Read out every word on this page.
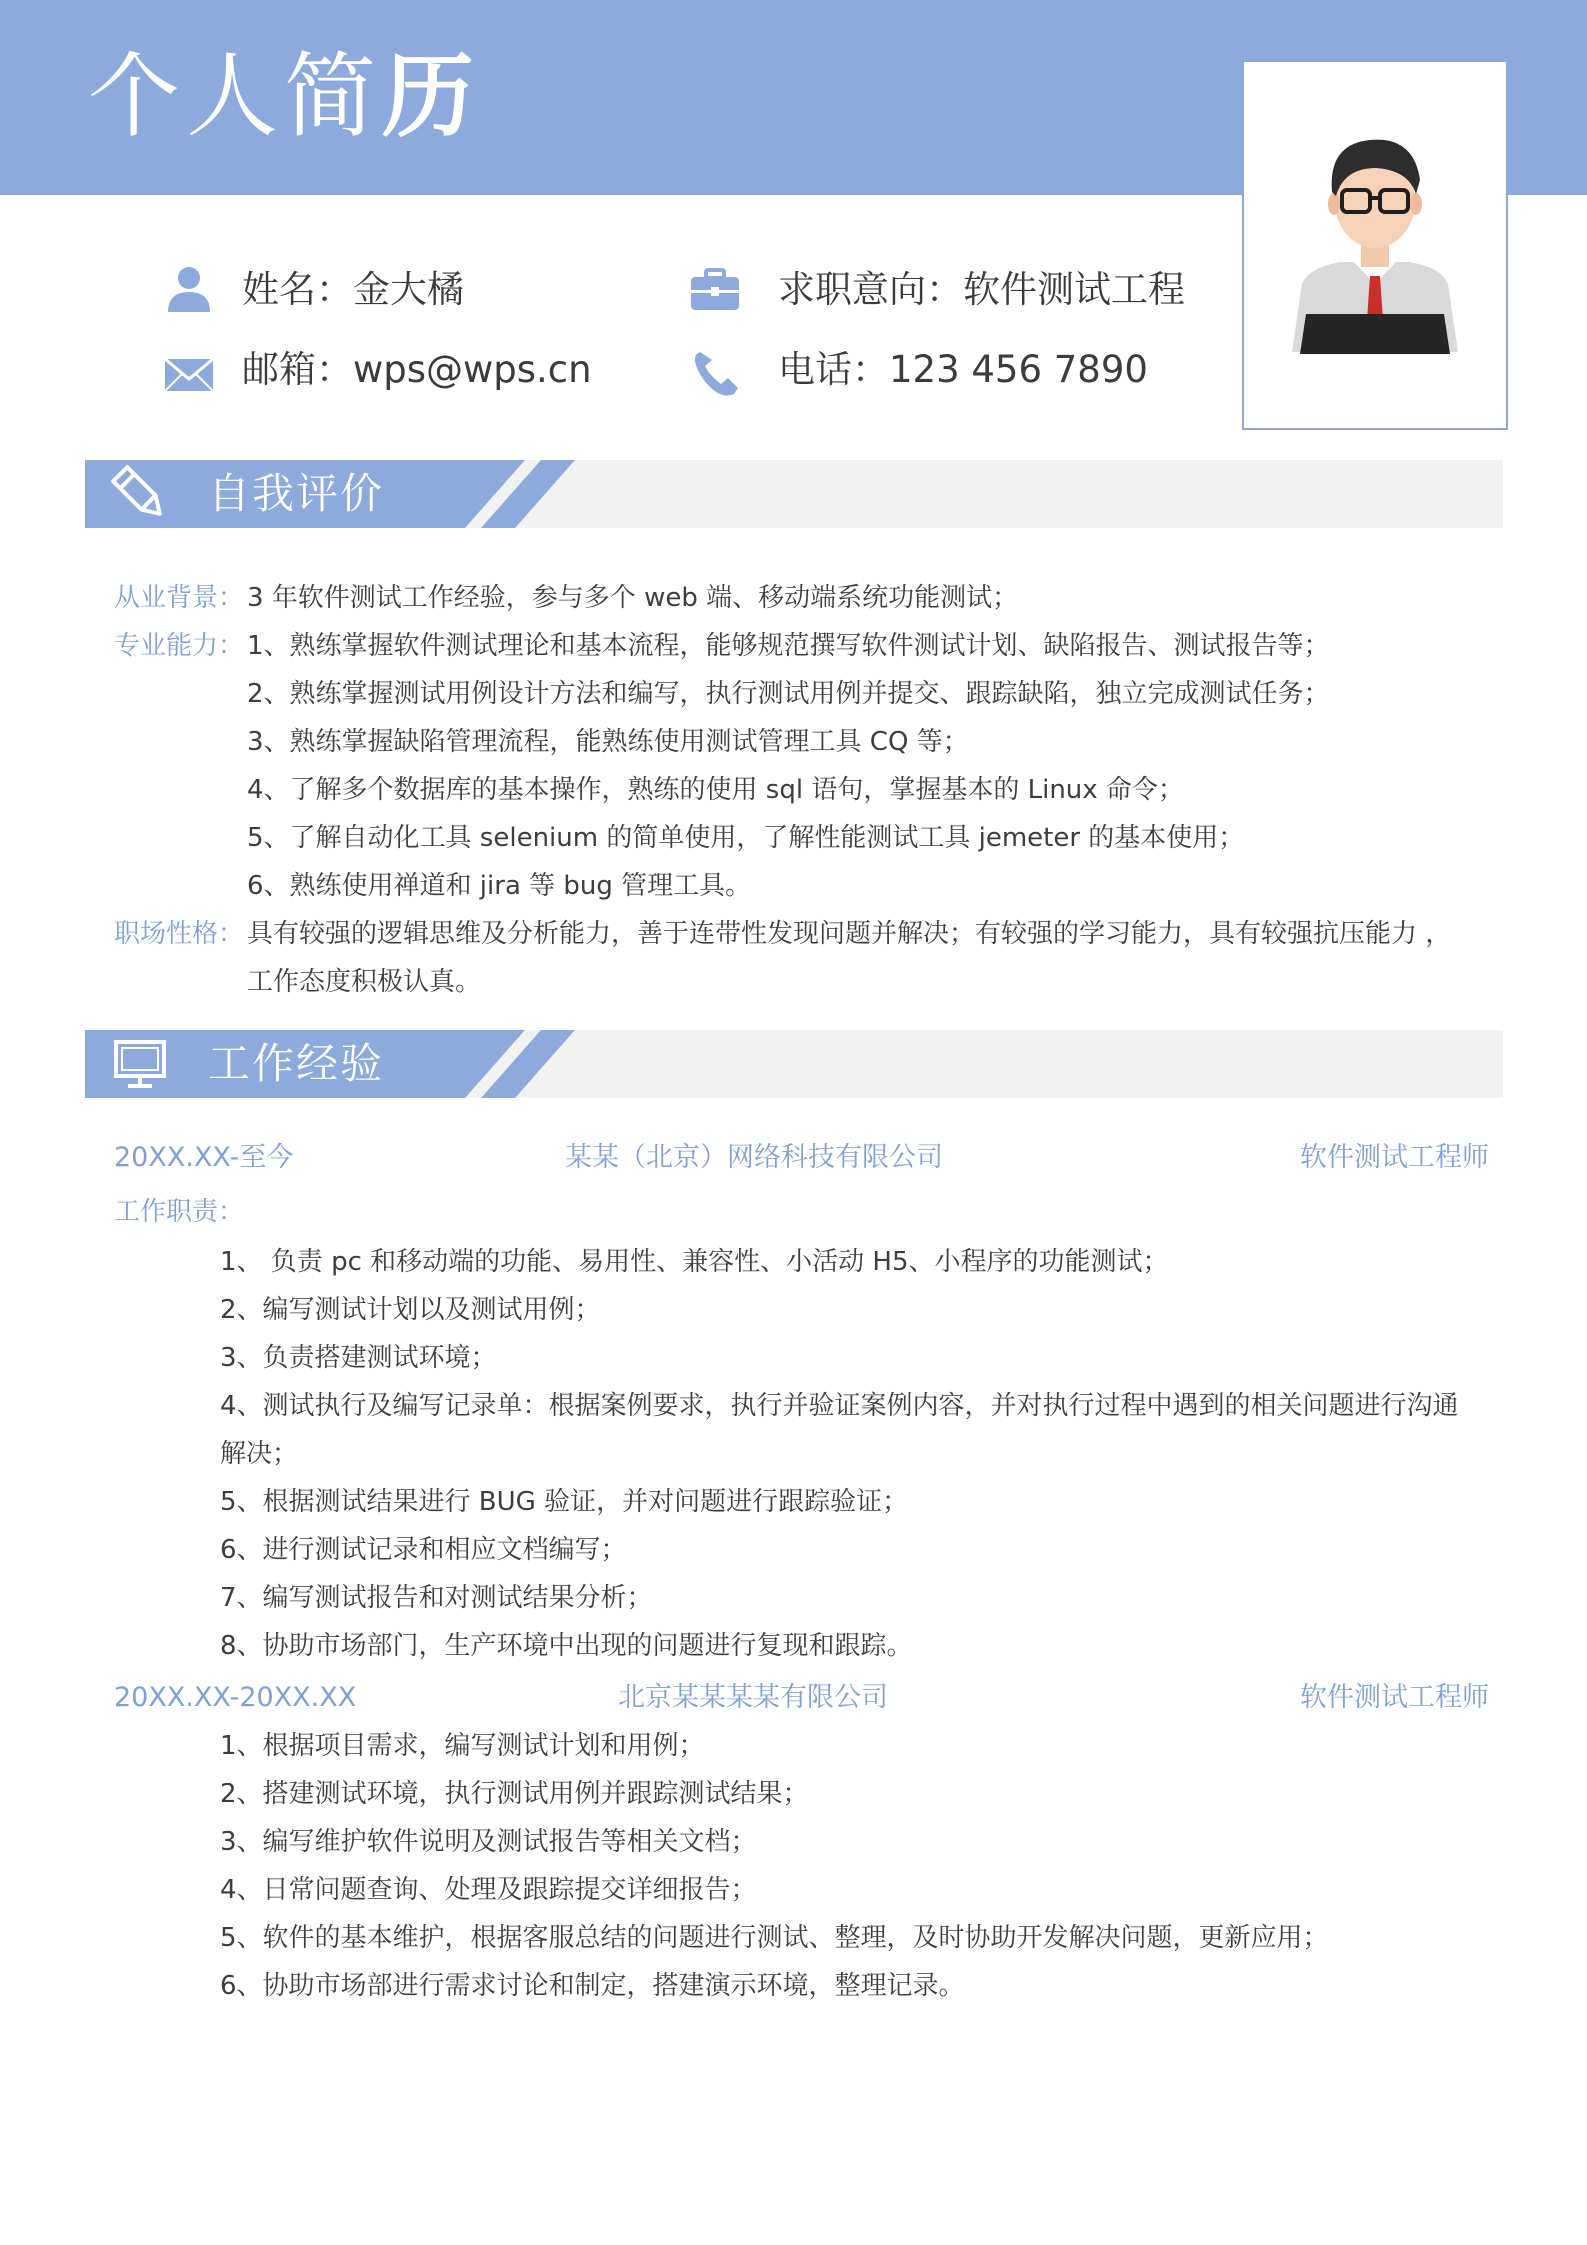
个人简历
姓名：金大橘	求职意向：软件测试工程
邮箱：wps@wps.cn	电话：123 456 7890
自我评价
从业背景： 3 年软件测试工作经验，参与多个 web 端、移动端系统功能测试；
专业能力： 1、熟练掌握软件测试理论和基本流程，能够规范撰写软件测试计划、缺陷报告、测试报告等；
2、熟练掌握测试用例设计方法和编写，执行测试用例并提交、跟踪缺陷，独立完成测试任务；
3、熟练掌握缺陷管理流程，能熟练使用测试管理工具 CQ 等；
4、了解多个数据库的基本操作，熟练的使用 sql 语句，掌握基本的 Linux 命令；
5、了解自动化工具 selenium 的简单使用，了解性能测试工具 jemeter 的基本使用；
6、熟练使用禅道和 jira 等 bug 管理工具。
职场性格： 具有较强的逻辑思维及分析能力，善于连带性发现问题并解决；有较强的学习能力，具有较强抗压能力 ，
工作态度积极认真。
工作经验
20XX.XX-至今	某某（北京）网络科技有限公司	软件测试工程师
工作职责：
1、 负责 pc 和移动端的功能、易用性、兼容性、小活动 H5、小程序的功能测试；
2、编写测试计划以及测试用例；
3、负责搭建测试环境；
4、测试执行及编写记录单：根据案例要求，执行并验证案例内容，并对执行过程中遇到的相关问题进行沟通
解决；
5、根据测试结果进行 BUG 验证，并对问题进行跟踪验证；
6、进行测试记录和相应文档编写；
7、编写测试报告和对测试结果分析；
8、协助市场部门，生产环境中出现的问题进行复现和跟踪。
20XX.XX-20XX.XX	北京某某某某有限公司	软件测试工程师
1、根据项目需求，编写测试计划和用例；
2、搭建测试环境，执行测试用例并跟踪测试结果；
3、编写维护软件说明及测试报告等相关文档；
4、日常问题查询、处理及跟踪提交详细报告；
5、软件的基本维护，根据客服总结的问题进行测试、整理，及时协助开发解决问题，更新应用；
6、协助市场部进行需求讨论和制定，搭建演示环境，整理记录。
